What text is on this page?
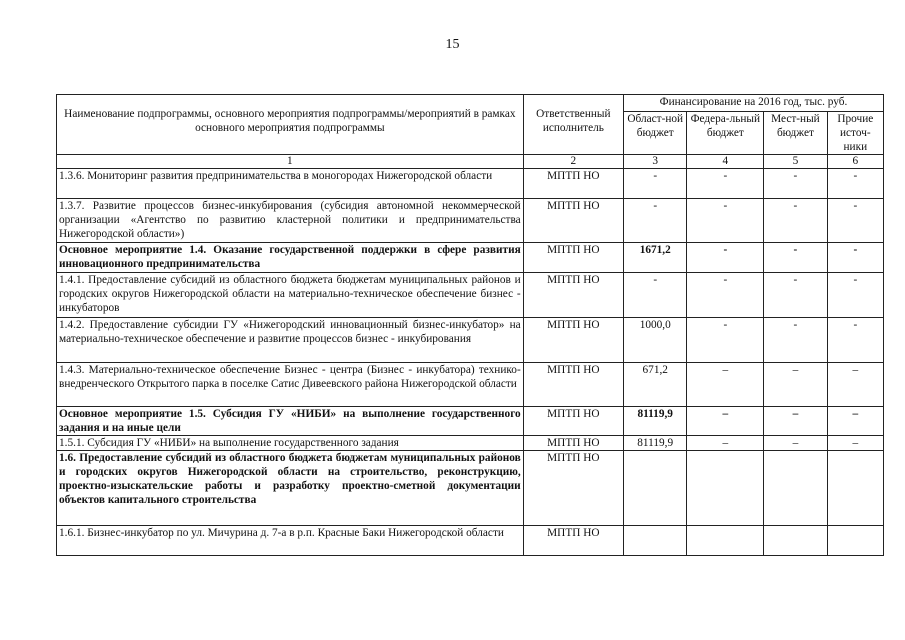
15
Наименование подпрограммы, основного мероприятия подпрограммы/мероприятий в рамках основного мероприятия подпрограммы	Ответственный исполнитель	Финансирование на 2016 год, тыс. руб.			
		Област-ной бюджет	Федера-льный бюджет	Мест-ный бюджет	Прочие источ-ники
1	2	3	4	5	6
1.3.6. Мониторинг развития предпринимательства в моногородах Нижегородской области	МПТП НО	-	-	-	-
1.3.7. Развитие процессов бизнес-инкубирования (субсидия автономной некоммерческой организации «Агентство по развитию кластерной политики и предпринимательства Нижегородской области»)	МПТП НО	-	-	-	-
Основное мероприятие 1.4. Оказание государственной поддержки в сфере развития инновационного предпринимательства	МПТП НО	1671,2	-	-	-
1.4.1. Предоставление субсидий из областного бюджета бюджетам муниципальных районов и городских округов Нижегородской области на материально-техническое обеспечение бизнес - инкубаторов	МПТП НО	-	-	-	-
1.4.2. Предоставление субсидии ГУ «Нижегородский инновационный бизнес-инкубатор» на материально-техническое обеспечение и развитие процессов бизнес - инкубирования	МПТП НО	1000,0	-	-	-
1.4.3. Материально-техническое обеспечение Бизнес - центра (Бизнес - инкубатора) технико-внедренческого Открытого парка в поселке Сатис Дивеевского района Нижегородской области	МПТП НО	671,2	–	–	–
Основное мероприятие 1.5. Субсидия ГУ «НИБИ» на выполнение государственного задания и на иные цели	МПТП НО	81119,9	–	–	–
1.5.1. Субсидия ГУ «НИБИ» на выполнение государственного задания	МПТП НО	81119,9	–	–	–
1.6. Предоставление субсидий из областного бюджета бюджетам муниципальных районов и городских округов Нижегородской области на строительство, реконструкцию, проектно-изыскательские работы и разработку проектно-сметной документации объектов капитального строительства	МПТП НО				
1.6.1. Бизнес-инкубатор по ул. Мичурина д. 7-а в р.п. Красные Баки Нижегородской области	МПТП НО				
